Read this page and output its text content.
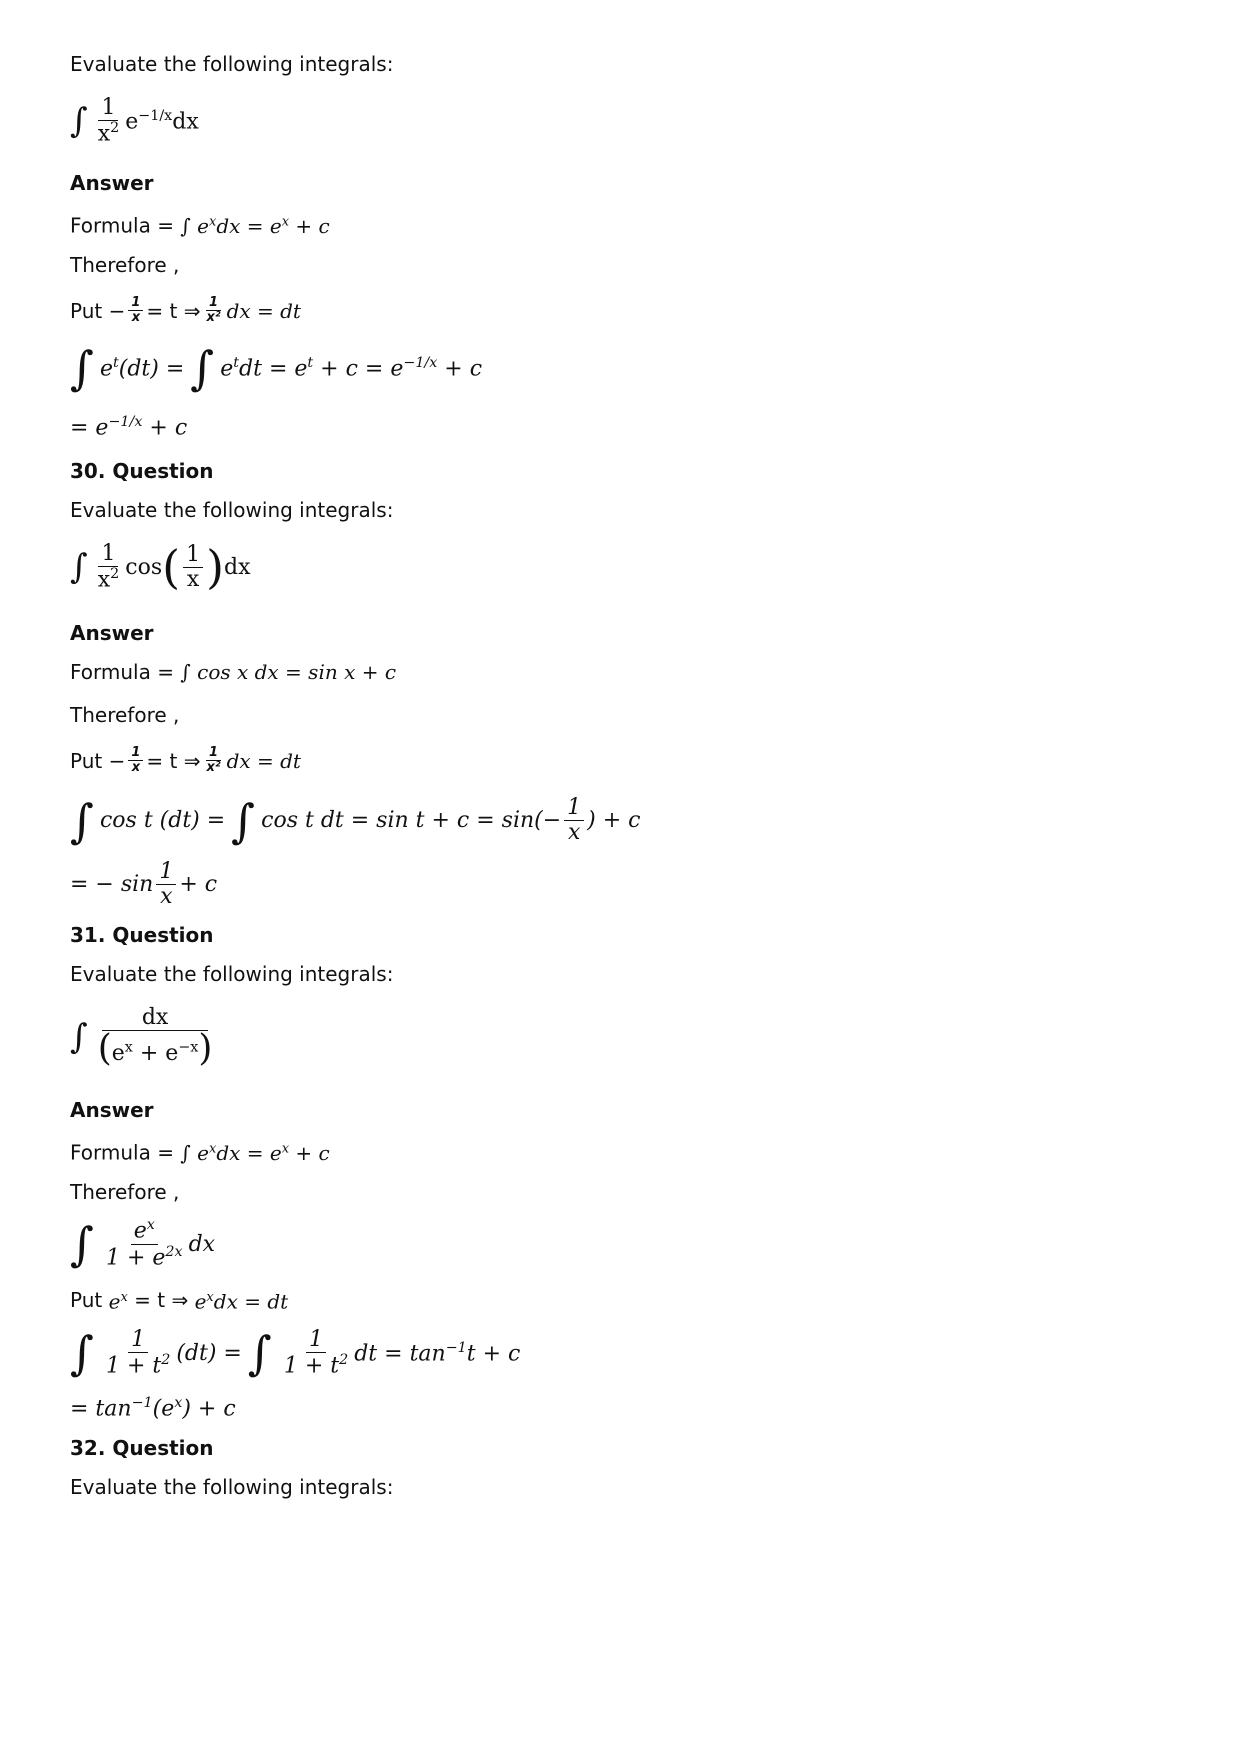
Evaluate the following integrals:
∫ $\frac{1}{x^2} e^{-1/x}dx$
Answer
Formula = ∫ $e^xdx = e^x + c$
Therefore ,
Put − $\frac{1}{x} = t$ ⇒ $\frac{1}{\text{x²}}$ dx = dt
∫ $e^t(dt)$ = ∫ $e^tdt = e^t + c = e^{-1/x} + c$
= $e^{-1/x} + c$
30. Question
Evaluate the following integrals:
∫ $\frac{1}{x^2}$ cos ( $\frac{1}{x}$ ) dx
Answer
Formula = ∫ cos x dx = sin x + c
Therefore ,
Put − $\frac{1}{x} = t$ ⇒ $\frac{1}{\text{x²}}$ dx = dt
∫ cos t (dt) = ∫ cos t dt = $\sin t + c = \sin(- \frac{1}{x}$ ) + c
= − $\sin \frac{1}{x} + c$
31. Question
Evaluate the following integrals:
∫ $\frac{dx}{(e^x + e^{-x})}$
Answer
Formula = ∫ $e^xdx = e^x + c$
Therefore ,
∫ $\frac{e^x}{1 + e^{2x}}$ dx
Put $e^x = t$ ⇒ $e^xdx$ = dt
∫ $\frac{1}{1 + t^2} (dt)$ = ∫ $\frac{1}{1 + t^2}$ dt = $\tan^{-1}t + c$
= $\tan^{-1}(e^x) + c$
32. Question
Evaluate the following integrals:
